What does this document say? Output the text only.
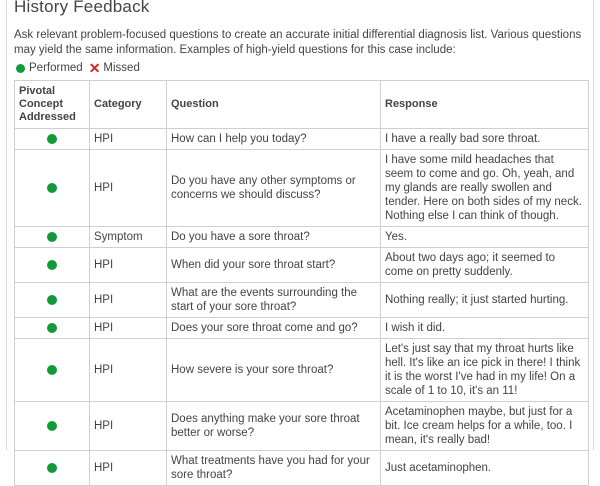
History Feedback
Ask relevant problem-focused questions to create an accurate initial differential diagnosis list. Various questions may yield the same information. Examples of high-yield questions for this case include:
Performed ✕ Missed
Pivotal Concept Addressed	Category	Question	Response
	HPI	How can I help you today?	I have a really bad sore throat.
	HPI	Do you have any other symptoms or concerns we should discuss?	I have some mild headaches that seem to come and go. Oh, yeah, and my glands are really swollen and tender. Here on both sides of my neck. Nothing else I can think of though.
	Symptom	Do you have a sore throat?	Yes.
	HPI	When did your sore throat start?	About two days ago; it seemed to come on pretty suddenly.
	HPI	What are the events surrounding the start of your sore throat?	Nothing really; it just started hurting.
	HPI	Does your sore throat come and go?	I wish it did.
	HPI	How severe is your sore throat?	Let's just say that my throat hurts like hell. It's like an ice pick in there! I think it is the worst I've had in my life! On a scale of 1 to 10, it's an 11!
	HPI	Does anything make your sore throat better or worse?	Acetaminophen maybe, but just for a bit. Ice cream helps for a while, too. I mean, it's really bad!
	HPI	What treatments have you had for your sore throat?	Just acetaminophen.
